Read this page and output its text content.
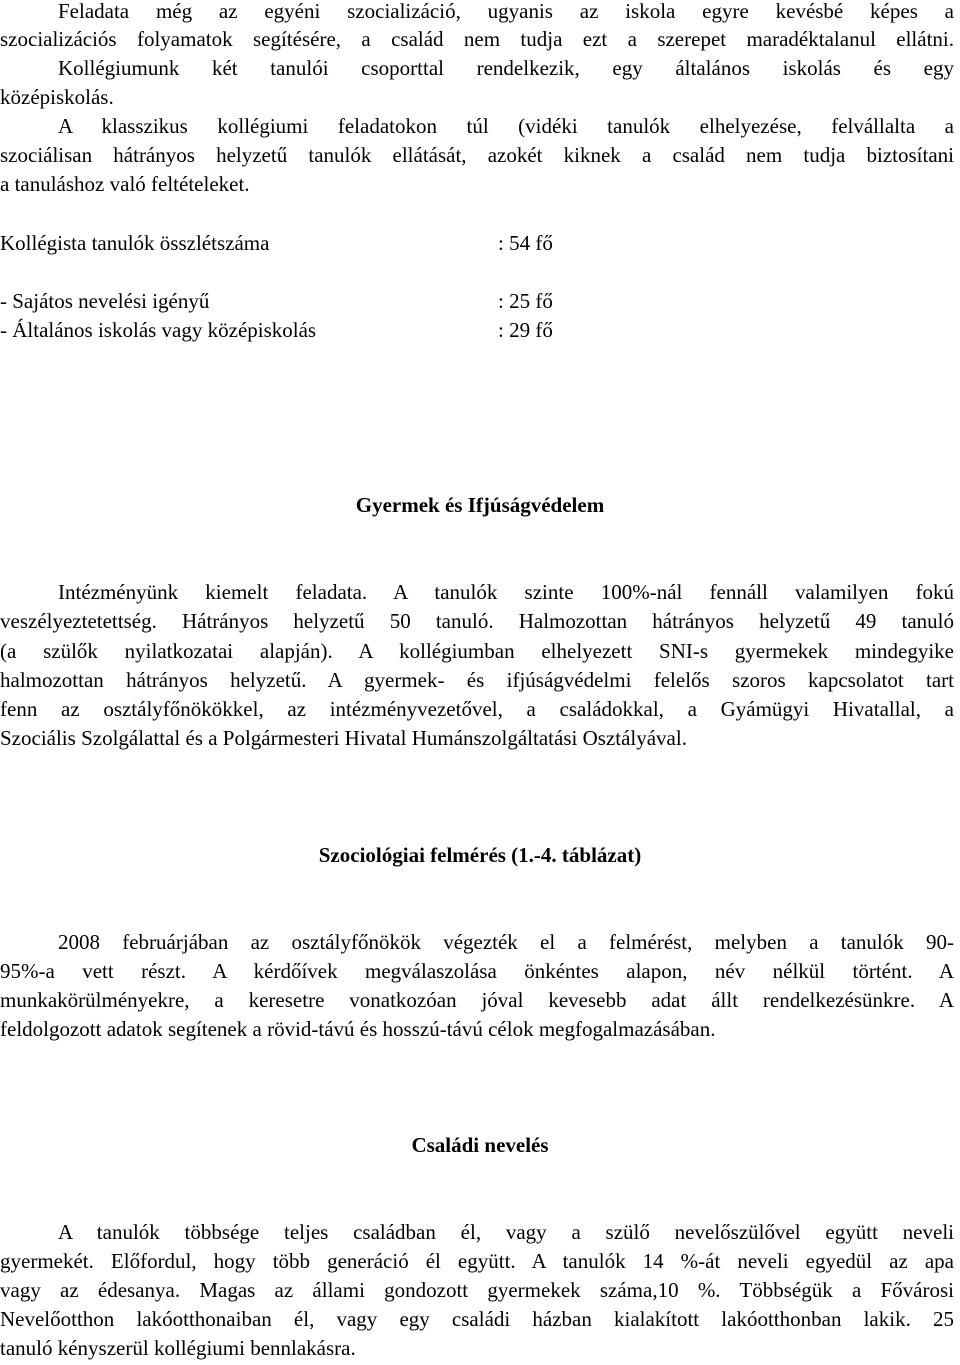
Feladata még az egyéni szocializáció, ugyanis az iskola egyre kevésbé képes a
szocializációs folyamatok segítésére, a család nem tudja ezt a szerepet maradéktalanul ellátni.
Kollégiumunk két tanulói csoporttal rendelkezik, egy általános iskolás és egy
középiskolás.
A klasszikus kollégiumi feladatokon túl (vidéki tanulók elhelyezése, felvállalta a
szociálisan hátrányos helyzetű tanulók ellátását, azokét kiknek a család nem tudja biztosítani
a tanuláshoz való feltételeket.
Kollégista tanulók összlétszáma	: 54 fő
- Sajátos nevelési igényű	: 25 fő
- Általános iskolás vagy középiskolás	: 29 fő
Gyermek és Ifjúságvédelem
Intézményünk kiemelt feladata. A tanulók szinte 100%-nál fennáll valamilyen fokú
veszélyeztetettség. Hátrányos helyzetű 50 tanuló. Halmozottan hátrányos helyzetű 49 tanuló
(a szülők nyilatkozatai alapján). A kollégiumban elhelyezett SNI-s gyermekek mindegyike
halmozottan hátrányos helyzetű. A gyermek- és ifjúságvédelmi felelős szoros kapcsolatot tart
fenn az osztályfőnökökkel, az intézményvezetővel, a családokkal, a Gyámügyi Hivatallal, a
Szociális Szolgálattal és a Polgármesteri Hivatal Humánszolgáltatási Osztályával.
Szociológiai felmérés (1.-4. táblázat)
2008 februárjában az osztályfőnökök végezték el a felmérést, melyben a tanulók 90-
95%-a vett részt. A kérdőívek megválaszolása önkéntes alapon, név nélkül történt. A
munkakörülményekre, a keresetre vonatkozóan jóval kevesebb adat állt rendelkezésünkre. A
feldolgozott adatok segítenek a rövid-távú és hosszú-távú célok megfogalmazásában.
Családi nevelés
A tanulók többsége teljes családban él, vagy a szülő nevelőszülővel együtt neveli
gyermekét. Előfordul, hogy több generáció él együtt. A tanulók 14 %-át neveli egyedül az apa
vagy az édesanya. Magas az állami gondozott gyermekek száma,10 %. Többségük a Fővárosi
Nevelőotthon lakóotthonaiban él, vagy egy családi házban kialakított lakóotthonban lakik. 25
tanuló kényszerül kollégiumi bennlakásra.
